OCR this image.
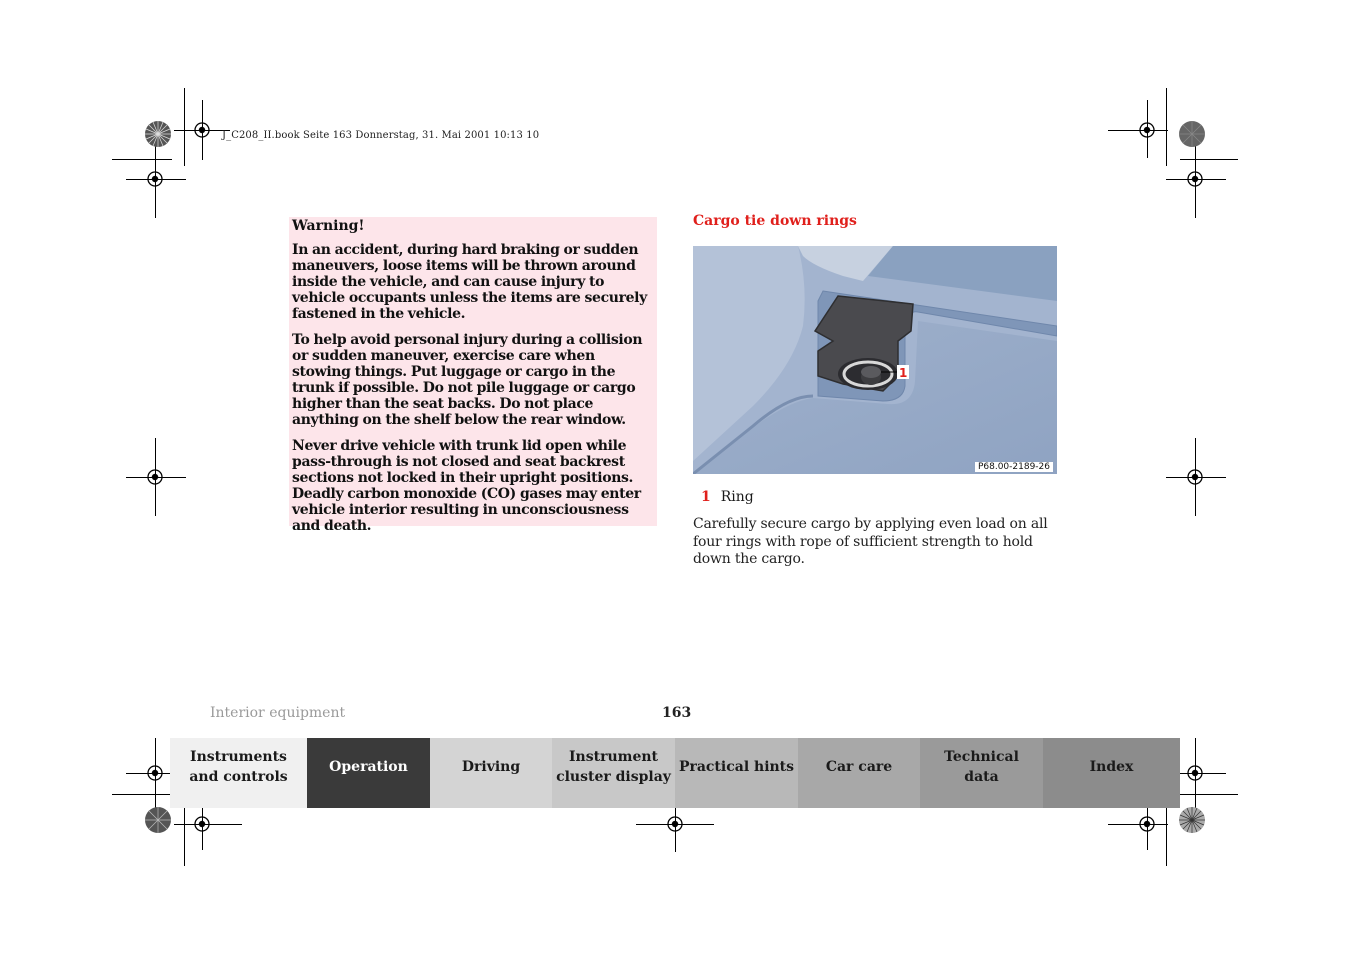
J_C208_II.book Seite 163 Donnerstag, 31. Mai 2001 10:13 10
Warning!

In an accident, during hard braking or sudden maneuvers, loose items will be thrown around inside the vehicle, and can cause injury to vehicle occupants unless the items are securely fastened in the vehicle.

To help avoid personal injury during a collision or sudden maneuver, exercise care when stowing things. Put luggage or cargo in the trunk if possible. Do not pile luggage or cargo higher than the seat backs. Do not place anything on the shelf below the rear window.

Never drive vehicle with trunk lid open while pass-through is not closed and seat backrest sections not locked in their upright positions. Deadly carbon monoxide (CO) gases may enter vehicle interior resulting in unconsciousness and death.

Cargo tie down rings
1
P68.00-2189-26
1 Ring
Carefully secure cargo by applying even load on all four rings with rope of sufficient strength to hold down the cargo.
Interior equipment	163
Instruments
and controls
Operation	Driving
Instrument
cluster display
Practical hints Car care
Technical
data
Index
